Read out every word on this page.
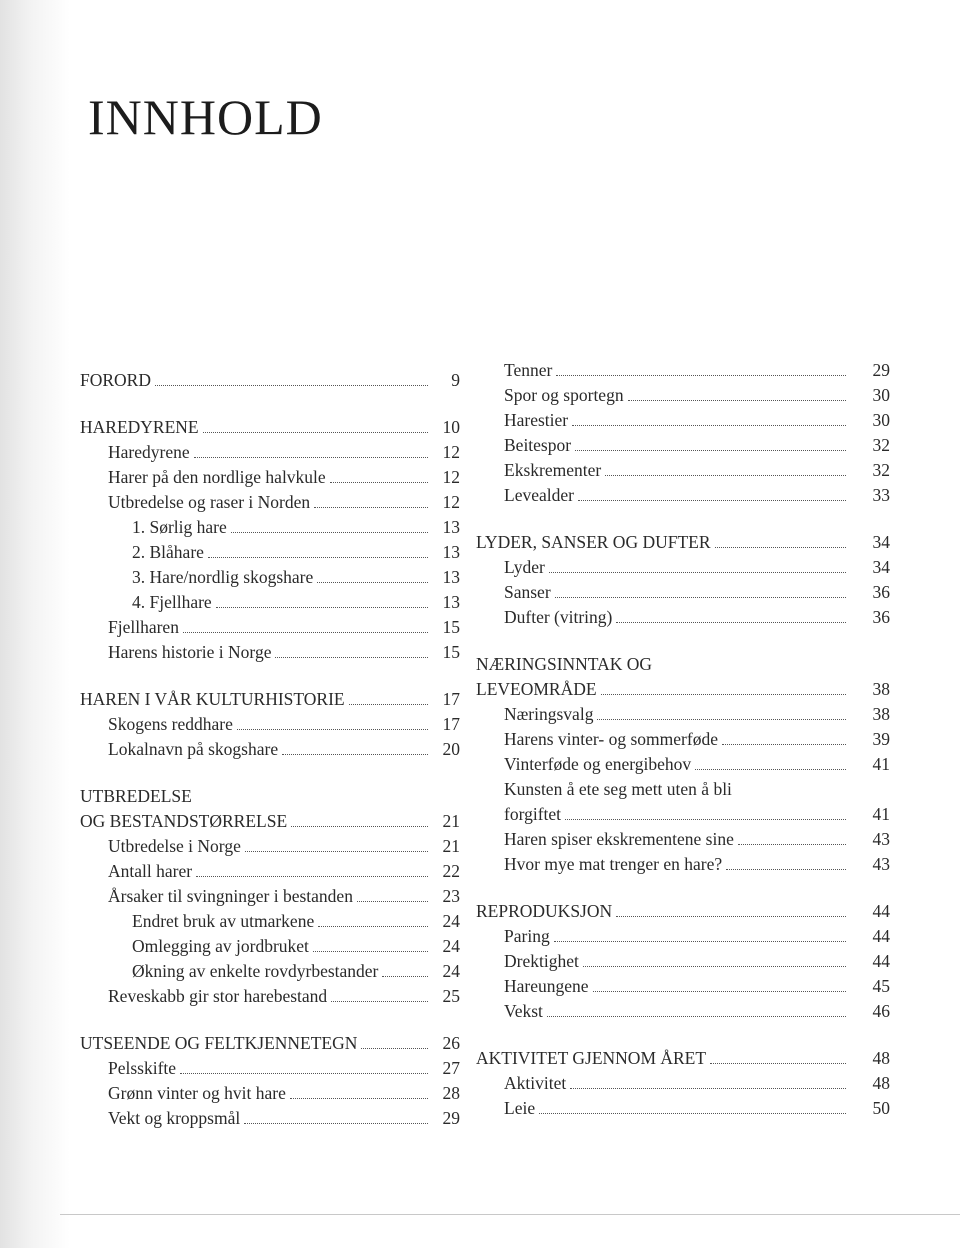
INNHOLD
FORORD	9
HAREDYRENE	10
Haredyrene	12
Harer på den nordlige halvkule	12
Utbredelse og raser i Norden	12
1. Sørlig hare	13
2. Blåhare	13
3. Hare/nordlig skogshare	13
4. Fjellhare	13
Fjellharen	15
Harens historie i Norge	15
HAREN I VÅR KULTURHISTORIE	17
Skogens reddhare	17
Lokalnavn på skogshare	20
UTBREDELSE
OG BESTANDSTØRRELSE	21
Utbredelse i Norge	21
Antall harer	22
Årsaker til svingninger i bestanden	23
Endret bruk av utmarkene	24
Omlegging av jordbruket	24
Økning av enkelte rovdyrbestander	24
Reveskabb gir stor harebestand	25
UTSEENDE OG FELTKJENNETEGN	26
Pelsskifte	27
Grønn vinter og hvit hare	28
Vekt og kroppsmål	29
Tenner	29
Spor og sportegn	30
Harestier	30
Beitespor	32
Ekskrementer	32
Levealder	33
LYDER, SANSER OG DUFTER	34
Lyder	34
Sanser	36
Dufter (vitring)	36
NÆRINGSINNTAK OG
LEVEOMRÅDE	38
Næringsvalg	38
Harens vinter- og sommerføde	39
Vinterføde og energibehov	41
Kunsten å ete seg mett uten å bli
forgiftet	41
Haren spiser ekskrementene sine	43
Hvor mye mat trenger en hare?	43
REPRODUKSJON	44
Paring	44
Drektighet	44
Hareungene	45
Vekst	46
AKTIVITET GJENNOM ÅRET	48
Aktivitet	48
Leie	50
